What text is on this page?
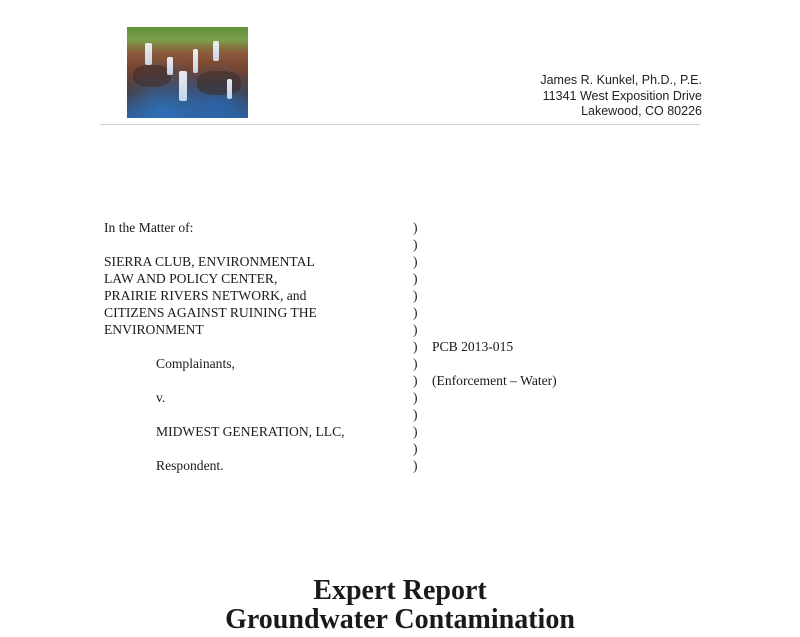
James R. Kunkel, Ph.D., P.E.
11341 West Exposition Drive
Lakewood, CO 80226
In the Matter of:	)
)
SIERRA CLUB, ENVIRONMENTAL	)
LAW AND POLICY CENTER,	)
PRAIRIE RIVERS NETWORK, and	)
CITIZENS AGAINST RUINING THE	)
ENVIRONMENT	)
) PCB 2013-015
Complainants,	)
) (Enforcement – Water)
v.	)
)
MIDWEST GENERATION, LLC,	)
)
Respondent.	)
Expert Report
Groundwater Contamination
